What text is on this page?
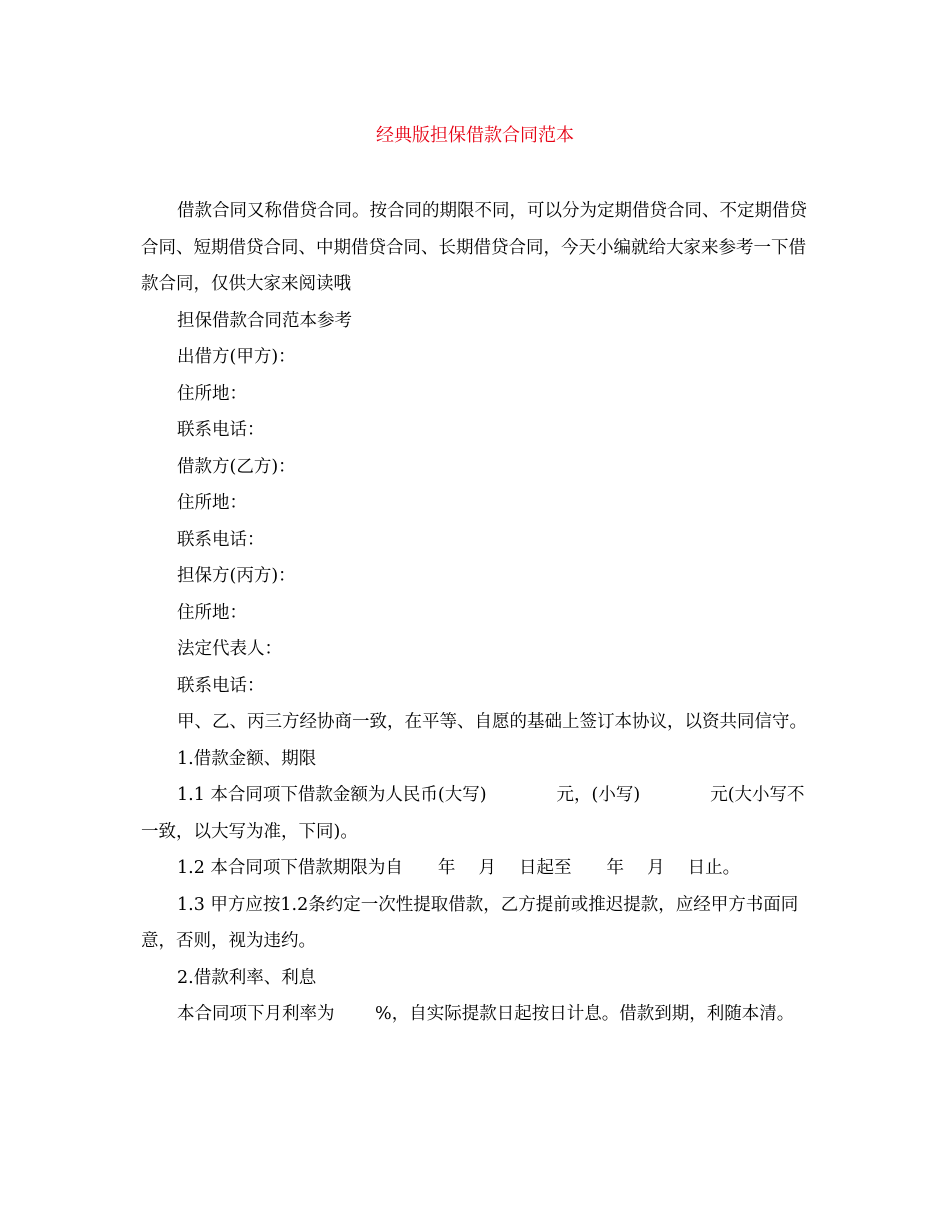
经典版担保借款合同范本

借款合同又称借贷合同。按合同的期限不同，可以分为定期借贷合同、不定期借贷合同、短期借贷合同、中期借贷合同、长期借贷合同，今天小编就给大家来参考一下借款合同，仅供大家来阅读哦

担保借款合同范本参考

出借方(甲方)：

住所地：

联系电话：

借款方(乙方)：

住所地：

联系电话：

担保方(丙方)：

住所地：

法定代表人：

联系电话：

甲、乙、丙三方经协商一致，在平等、自愿的基础上签订本协议，以资共同信守。

1.借款金额、期限

1.1 本合同项下借款金额为人民币(大写)　　　　元，(小写)　　　　元(大小写不一致，以大写为准，下同)。

1.2 本合同项下借款期限为自　　年　 月　 日起至　　年　 月　 日止。

1.3 甲方应按1.2条约定一次性提取借款，乙方提前或推迟提款，应经甲方书面同意，否则，视为违约。

2.借款利率、利息

本合同项下月利率为　　 %，自实际提款日起按日计息。借款到期，利随本清。
